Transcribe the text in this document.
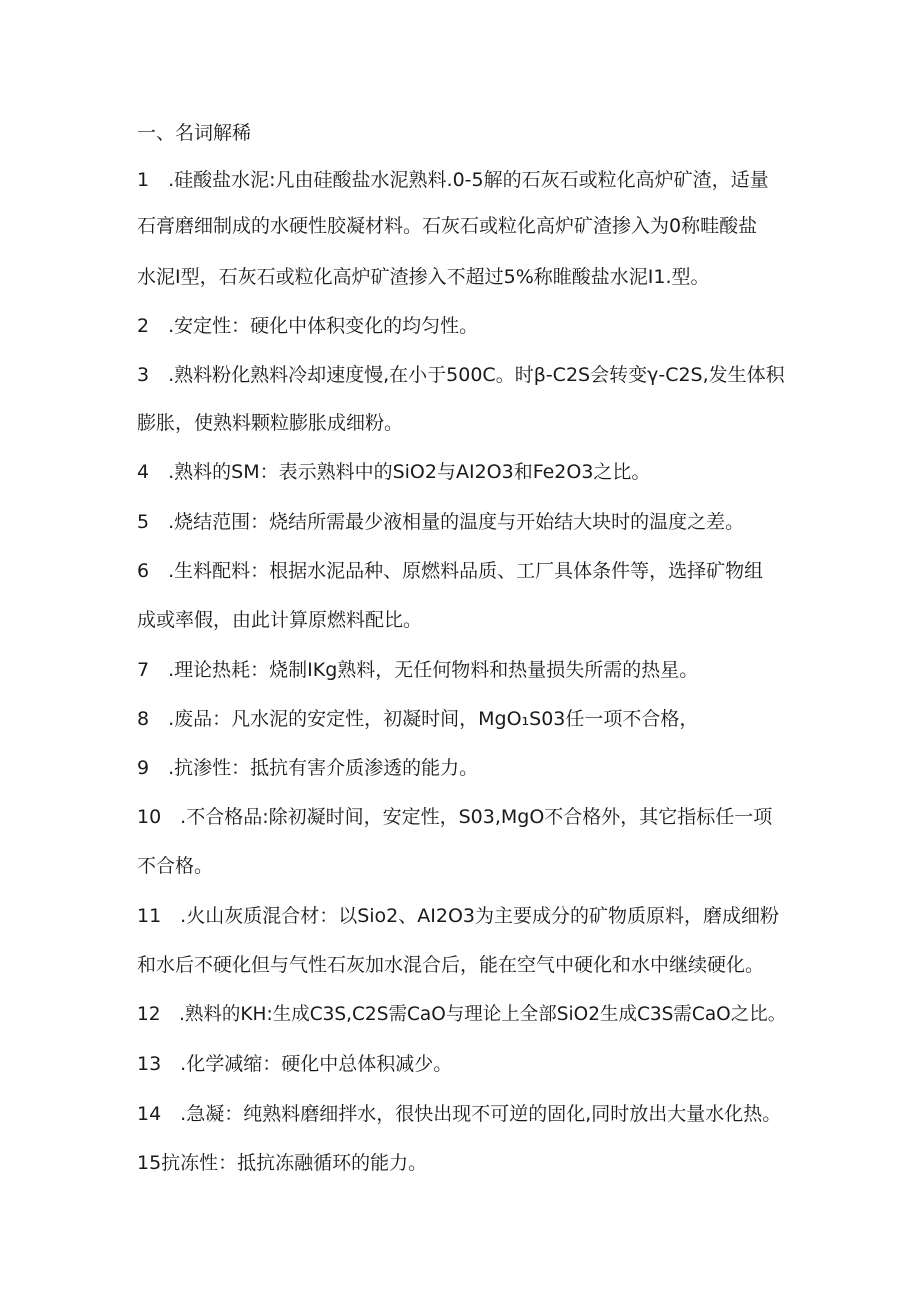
一、名词解稀

1　.硅酸盐水泥:凡由硅酸盐水泥熟料.0-5解的石灰石或粒化高炉矿渣，适量

石膏磨细制成的水硬性胶凝材料。石灰石或粒化高炉矿渣掺入为0称畦酸盐

水泥I型，石灰石或粒化高炉矿渣掺入不超过5%称睢酸盐水泥I1.型。

2　.安定性：硬化中体积变化的均匀性。

3　.熟料粉化熟料冷却速度慢,在小于500C。时β-C2S会转变γ-C2S,发生体积

膨胀，使熟料颗粒膨胀成细粉。

4　.熟料的SM：表示熟料中的SiO2与AI2O3和Fe2O3之比。

5　.烧结范围：烧结所需最少液相量的温度与开始结大块时的温度之差。

6　.生料配料：根据水泥品种、原燃料品质、工厂具体条件等，选择矿物组

成或率假，由此计算原燃料配比。

7　.理论热耗：烧制IKg熟料，无任何物料和热量损失所需的热星。

8　.废品：凡水泥的安定性，初凝时间，MgO₁S03任一项不合格，

9　.抗渗性：抵抗有害介质渗透的能力。

10　.不合格品:除初凝时间，安定性，S03,MgO不合格外，其它指标任一项

不合格。

11　.火山灰质混合材：以Sio2、AI2O3为主要成分的矿物质原料，磨成细粉

和水后不硬化但与气性石灰加水混合后，能在空气中硬化和水中继续硬化。

12　.熟料的KH:生成C3S,C2S需CaO与理论上全部SiO2生成C3S需CaO之比。

13　.化学减缩：硬化中总体积减少。

14　.急凝：纯熟料磨细拌水，很快出现不可逆的固化,同时放出大量水化热。

15抗冻性：抵抗冻融循环的能力。
